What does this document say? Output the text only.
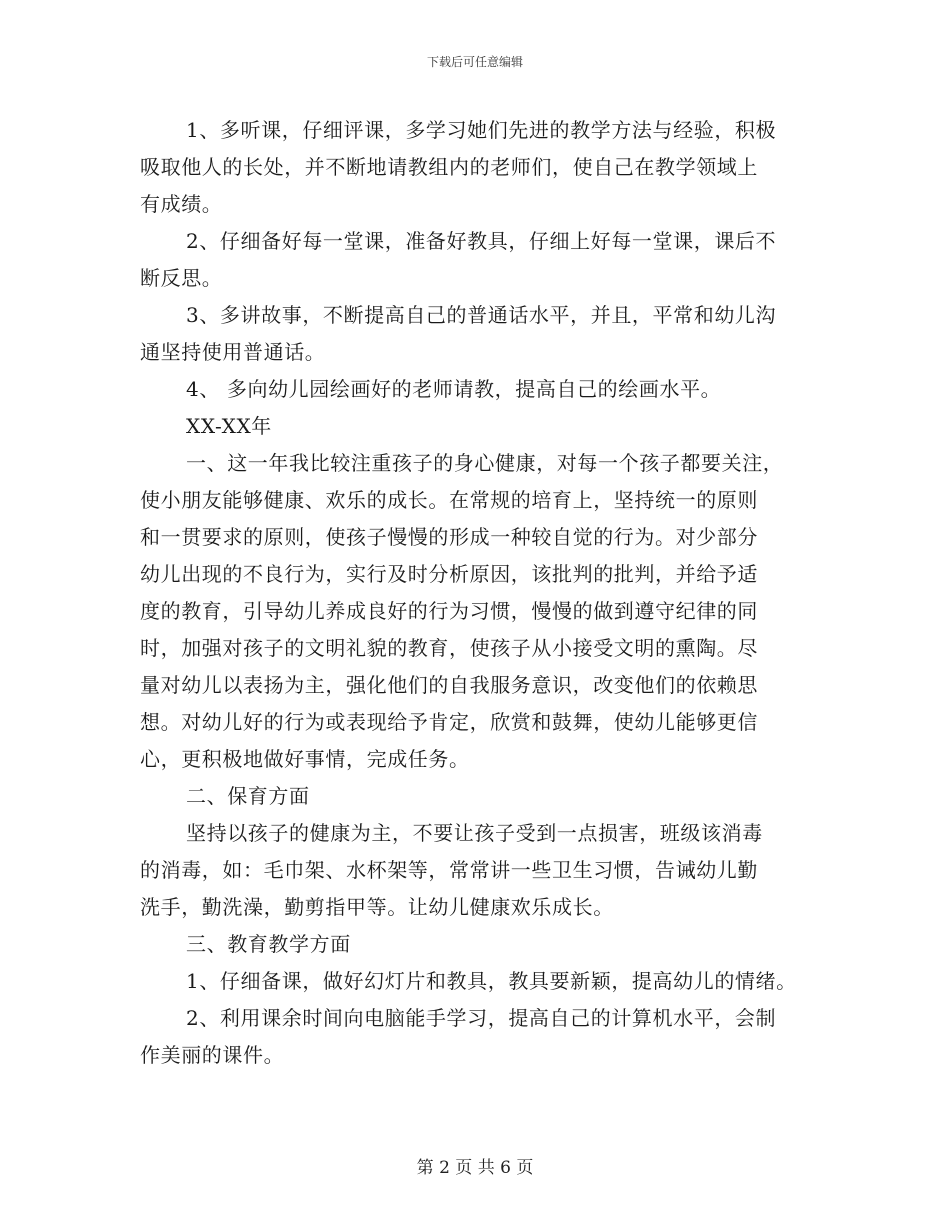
下载后可任意编辑
1、多听课，仔细评课，多学习她们先进的教学方法与经验，积极
吸取他人的长处，并不断地请教组内的老师们，使自己在教学领域上
有成绩。
2、仔细备好每一堂课，准备好教具，仔细上好每一堂课，课后不
断反思。
3、多讲故事，不断提高自己的普通话水平，并且，平常和幼儿沟
通坚持使用普通话。
4、 多向幼儿园绘画好的老师请教，提高自己的绘画水平。
XX-XX年
一、这一年我比较注重孩子的身心健康，对每一个孩子都要关注，
使小朋友能够健康、欢乐的成长。在常规的培育上，坚持统一的原则
和一贯要求的原则，使孩子慢慢的形成一种较自觉的行为。对少部分
幼儿出现的不良行为，实行及时分析原因，该批判的批判，并给予适
度的教育，引导幼儿养成良好的行为习惯，慢慢的做到遵守纪律的同
时，加强对孩子的文明礼貌的教育，使孩子从小接受文明的熏陶。尽
量对幼儿以表扬为主，强化他们的自我服务意识，改变他们的依赖思
想。对幼儿好的行为或表现给予肯定，欣赏和鼓舞，使幼儿能够更信
心，更积极地做好事情，完成任务。
二、保育方面
坚持以孩子的健康为主，不要让孩子受到一点损害，班级该消毒
的消毒，如：毛巾架、水杯架等，常常讲一些卫生习惯，告诫幼儿勤
洗手，勤洗澡，勤剪指甲等。让幼儿健康欢乐成长。
三、教育教学方面
1、仔细备课，做好幻灯片和教具，教具要新颖，提高幼儿的情绪。
2、利用课余时间向电脑能手学习，提高自己的计算机水平，会制
作美丽的课件。
第 2 页 共 6 页
